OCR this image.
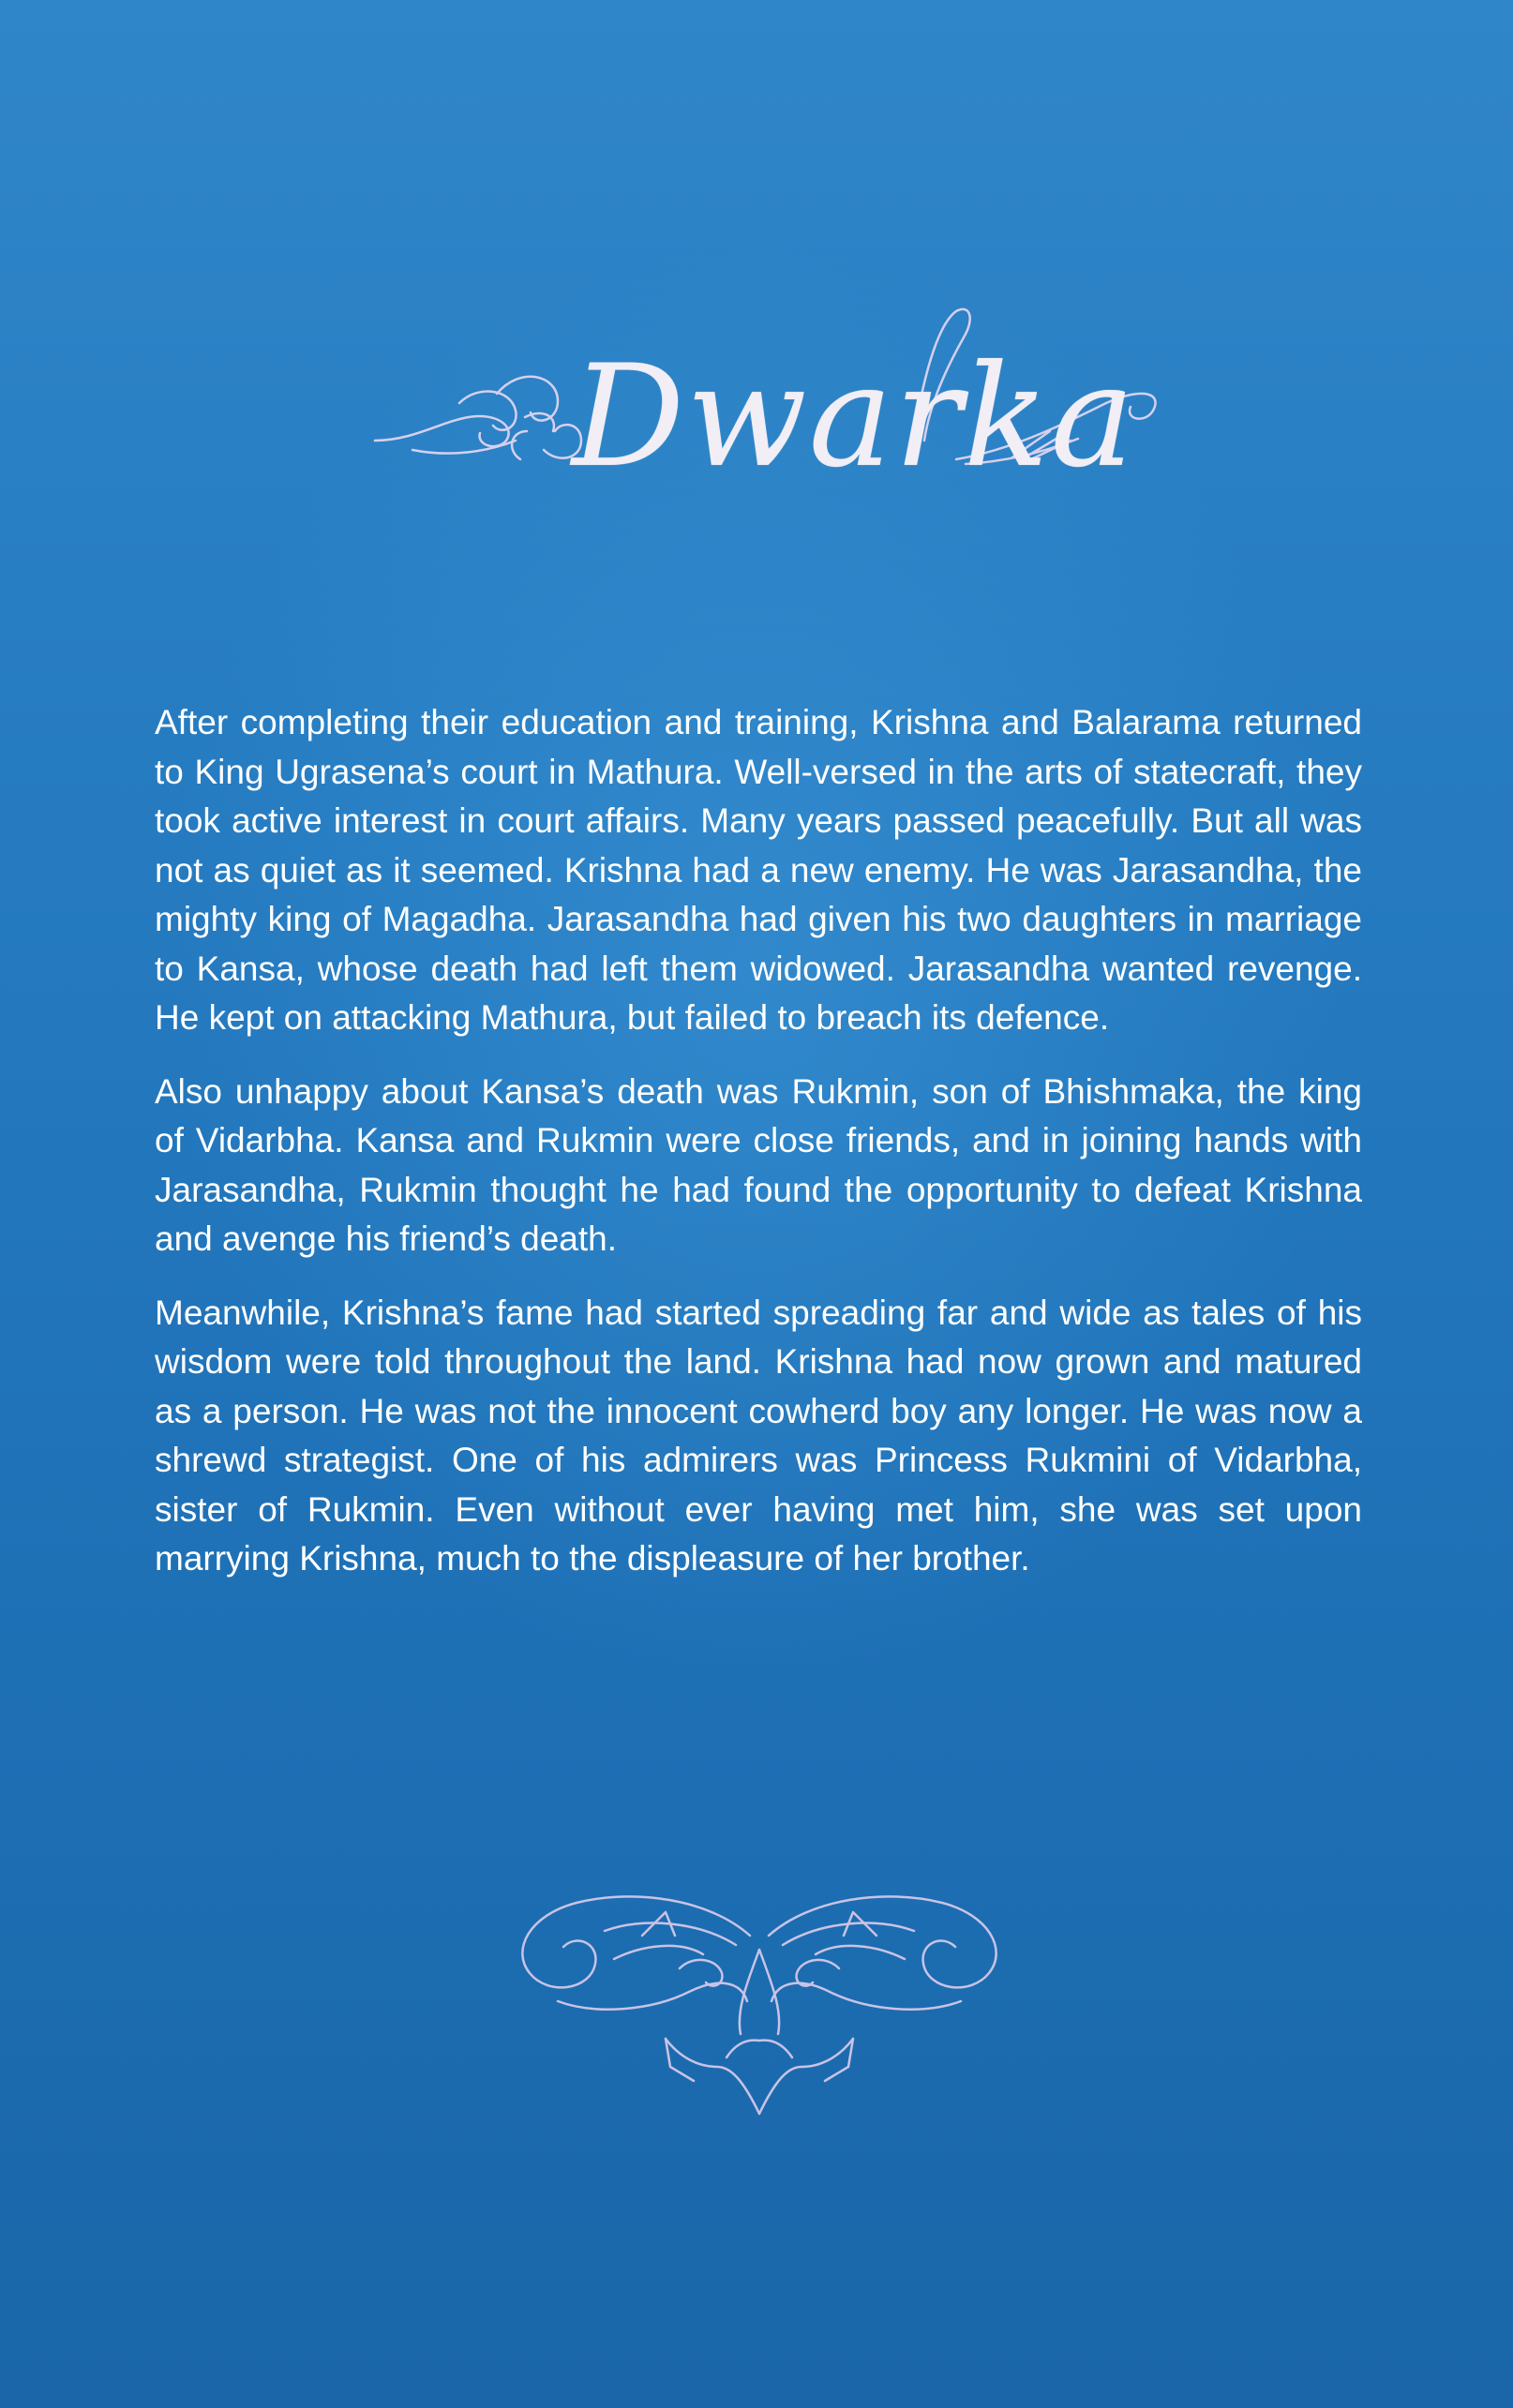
Dwarka

After completing their education and training, Krishna and Balarama returned to King Ugrasena’s court in Mathura. Well-versed in the arts of statecraft, they took active interest in court affairs. Many years passed peacefully. But all was not as quiet as it seemed. Krishna had a new enemy. He was Jarasandha, the mighty king of Magadha. Jarasandha had given his two daughters in marriage to Kansa, whose death had left them widowed. Jarasandha wanted revenge. He kept on attacking Mathura, but failed to breach its defence.

Also unhappy about Kansa’s death was Rukmin, son of Bhishmaka, the king of Vidarbha. Kansa and Rukmin were close friends, and in joining hands with Jarasandha, Rukmin thought he had found the opportunity to defeat Krishna and avenge his friend’s death.

Meanwhile, Krishna’s fame had started spreading far and wide as tales of his wisdom were told throughout the land. Krishna had now grown and matured as a person. He was not the innocent cowherd boy any longer. He was now a shrewd strategist. One of his admirers was Princess Rukmini of Vidarbha, sister of Rukmin. Even without ever having met him, she was set upon marrying Krishna, much to the displeasure of her brother.
